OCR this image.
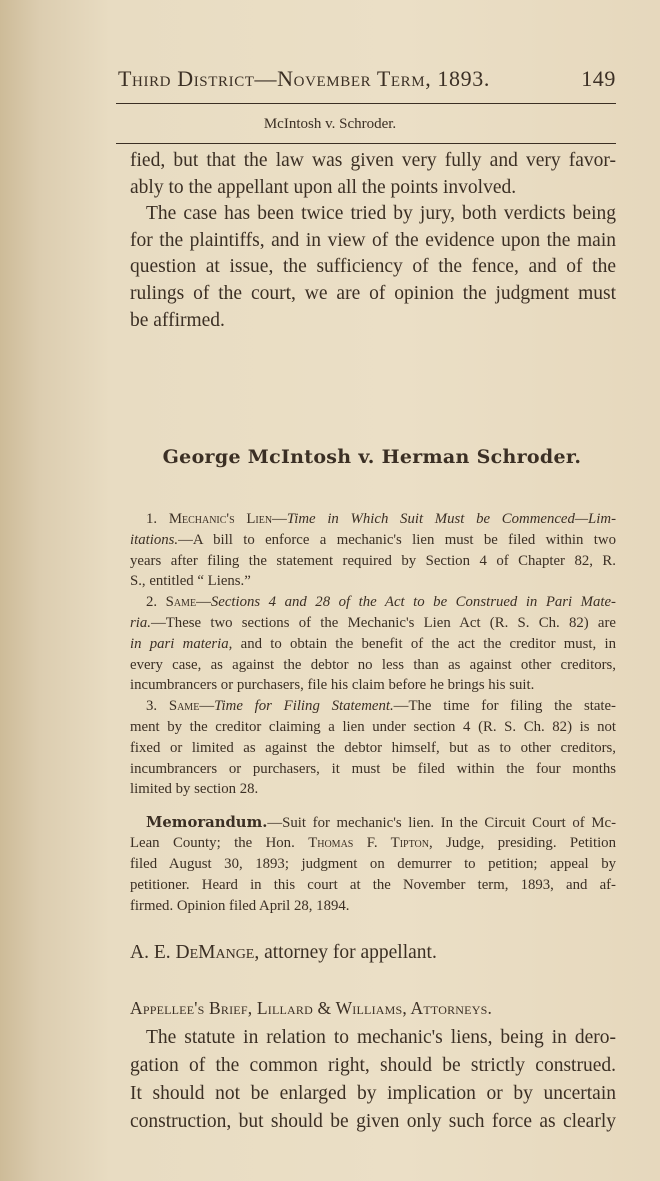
Third District—November Term, 1893.	149
McIntosh v. Schroder.
George McIntosh v. Herman Schroder.
fied, but that the law was given very fully and very favor-
ably to the appellant upon all the points involved.
The case has been twice tried by jury, both verdicts being
for the plaintiffs, and in view of the evidence upon the main
question at issue, the sufficiency of the fence, and of the
rulings of the court, we are of opinion the judgment must
be affirmed.
1. Mechanic's Lien—Time in Which Suit Must be Commenced—Lim-
itations.—A bill to enforce a mechanic's lien must be filed within two
years after filing the statement required by Section 4 of Chapter 82, R.
S., entitled “ Liens.”
2. Same—Sections 4 and 28 of the Act to be Construed in Pari Mate-
ria.—These two sections of the Mechanic's Lien Act (R. S. Ch. 82) are
in pari materia, and to obtain the benefit of the act the creditor must, in
every case, as against the debtor no less than as against other creditors,
incumbrancers or purchasers, file his claim before he brings his suit.
3. Same—Time for Filing Statement.—The time for filing the state-
ment by the creditor claiming a lien under section 4 (R. S. Ch. 82) is not
fixed or limited as against the debtor himself, but as to other creditors,
incumbrancers or purchasers, it must be filed within the four months
limited by section 28.
Memorandum.—Suit for mechanic's lien. In the Circuit Court of Mc-
Lean County; the Hon. Thomas F. Tipton, Judge, presiding. Petition
filed August 30, 1893; judgment on demurrer to petition; appeal by
petitioner. Heard in this court at the November term, 1893, and af-
firmed. Opinion filed April 28, 1894.
A. E. DeMange, attorney for appellant.
The statute in relation to mechanic's liens, being in dero-
gation of the common right, should be strictly construed.
It should not be enlarged by implication or by uncertain
construction, but should be given only such force as clearly
Appellee's Brief, Lillard & Williams, Attorneys.
